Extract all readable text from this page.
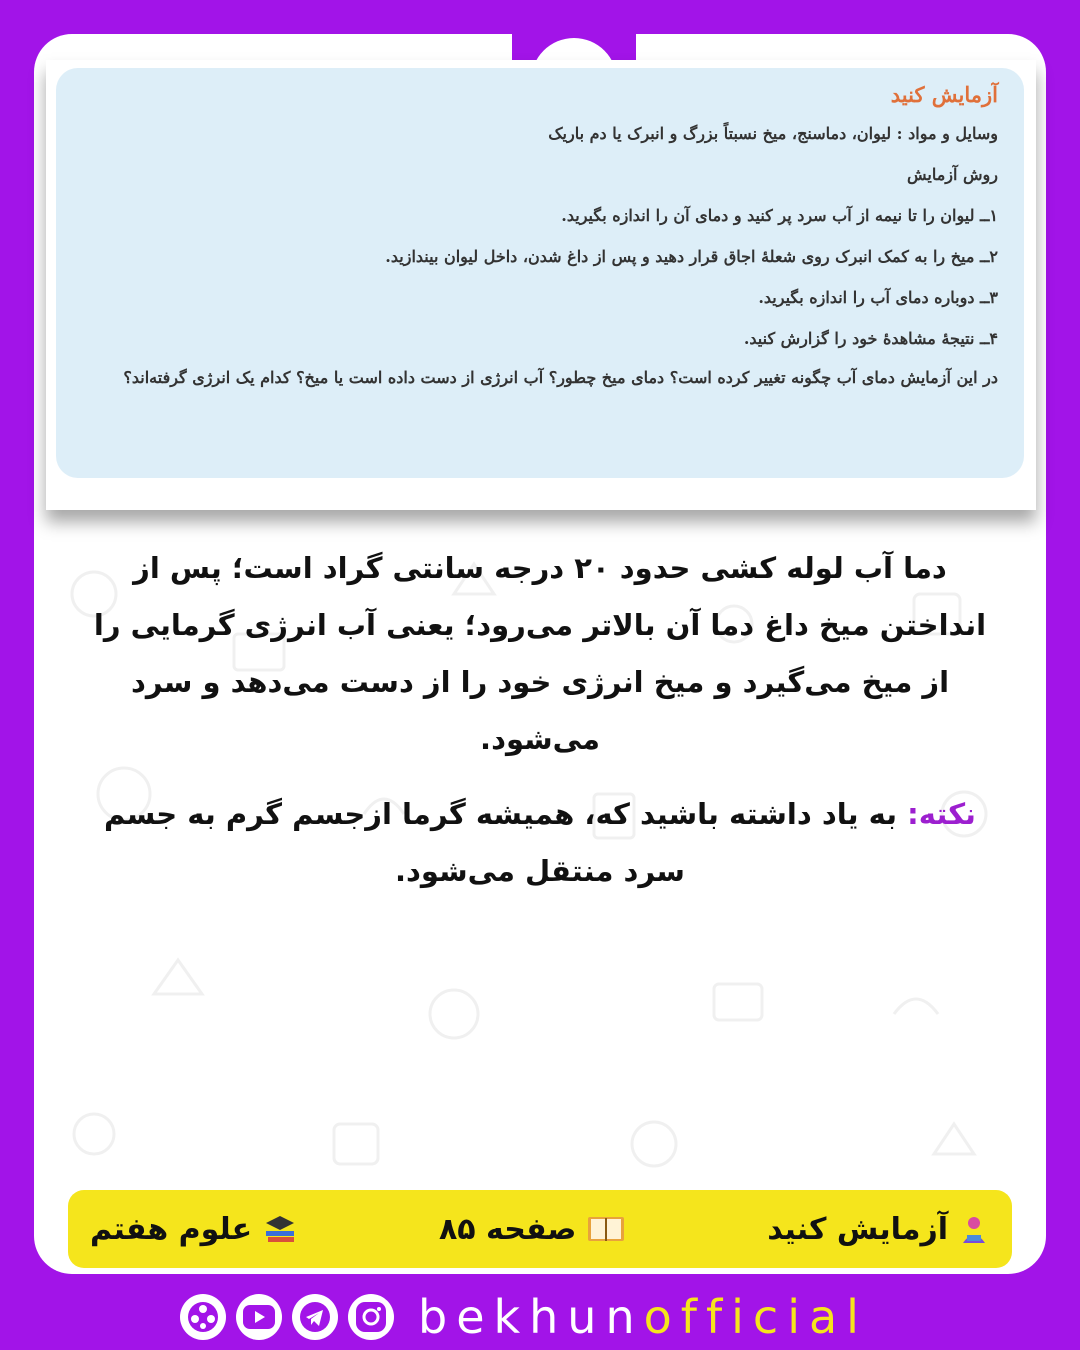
آزمایش کنید
وسایل و مواد : لیوان، دماسنج، میخ نسبتاً بزرگ و انبرک یا دم باریک
روش آزمایش
۱ــ لیوان را تا نیمه از آب سرد پر کنید و دمای آن را اندازه بگیرید.
۲ــ میخ را به کمک انبرک روی شعلهٔ اجاق قرار دهید و پس از داغ شدن، داخل لیوان بیندازید.
۳ــ دوباره دمای آب را اندازه بگیرید.
۴ــ نتیجهٔ مشاهدهٔ خود را گزارش کنید.
در این آزمایش دمای آب چگونه تغییر کرده است؟ دمای میخ چطور؟ آب انرژی از دست داده است یا میخ؟ کدام یک انرژی گرفته‌اند؟

دما آب لوله کشی حدود ۲۰ درجه سانتی گراد است؛ پس از انداختن میخ داغ دما آن بالاتر می‌رود؛ یعنی آب انرژی گرمایی را از میخ می‌گیرد و میخ انرژی خود را از دست می‌دهد و سرد می‌شود.

نکته: به یاد داشته باشید که، همیشه گرما ازجسم گرم به جسم سرد منتقل می‌شود.

آزمایش کنید
صفحه ۸۵
علوم هفتم
bekhunofficial
